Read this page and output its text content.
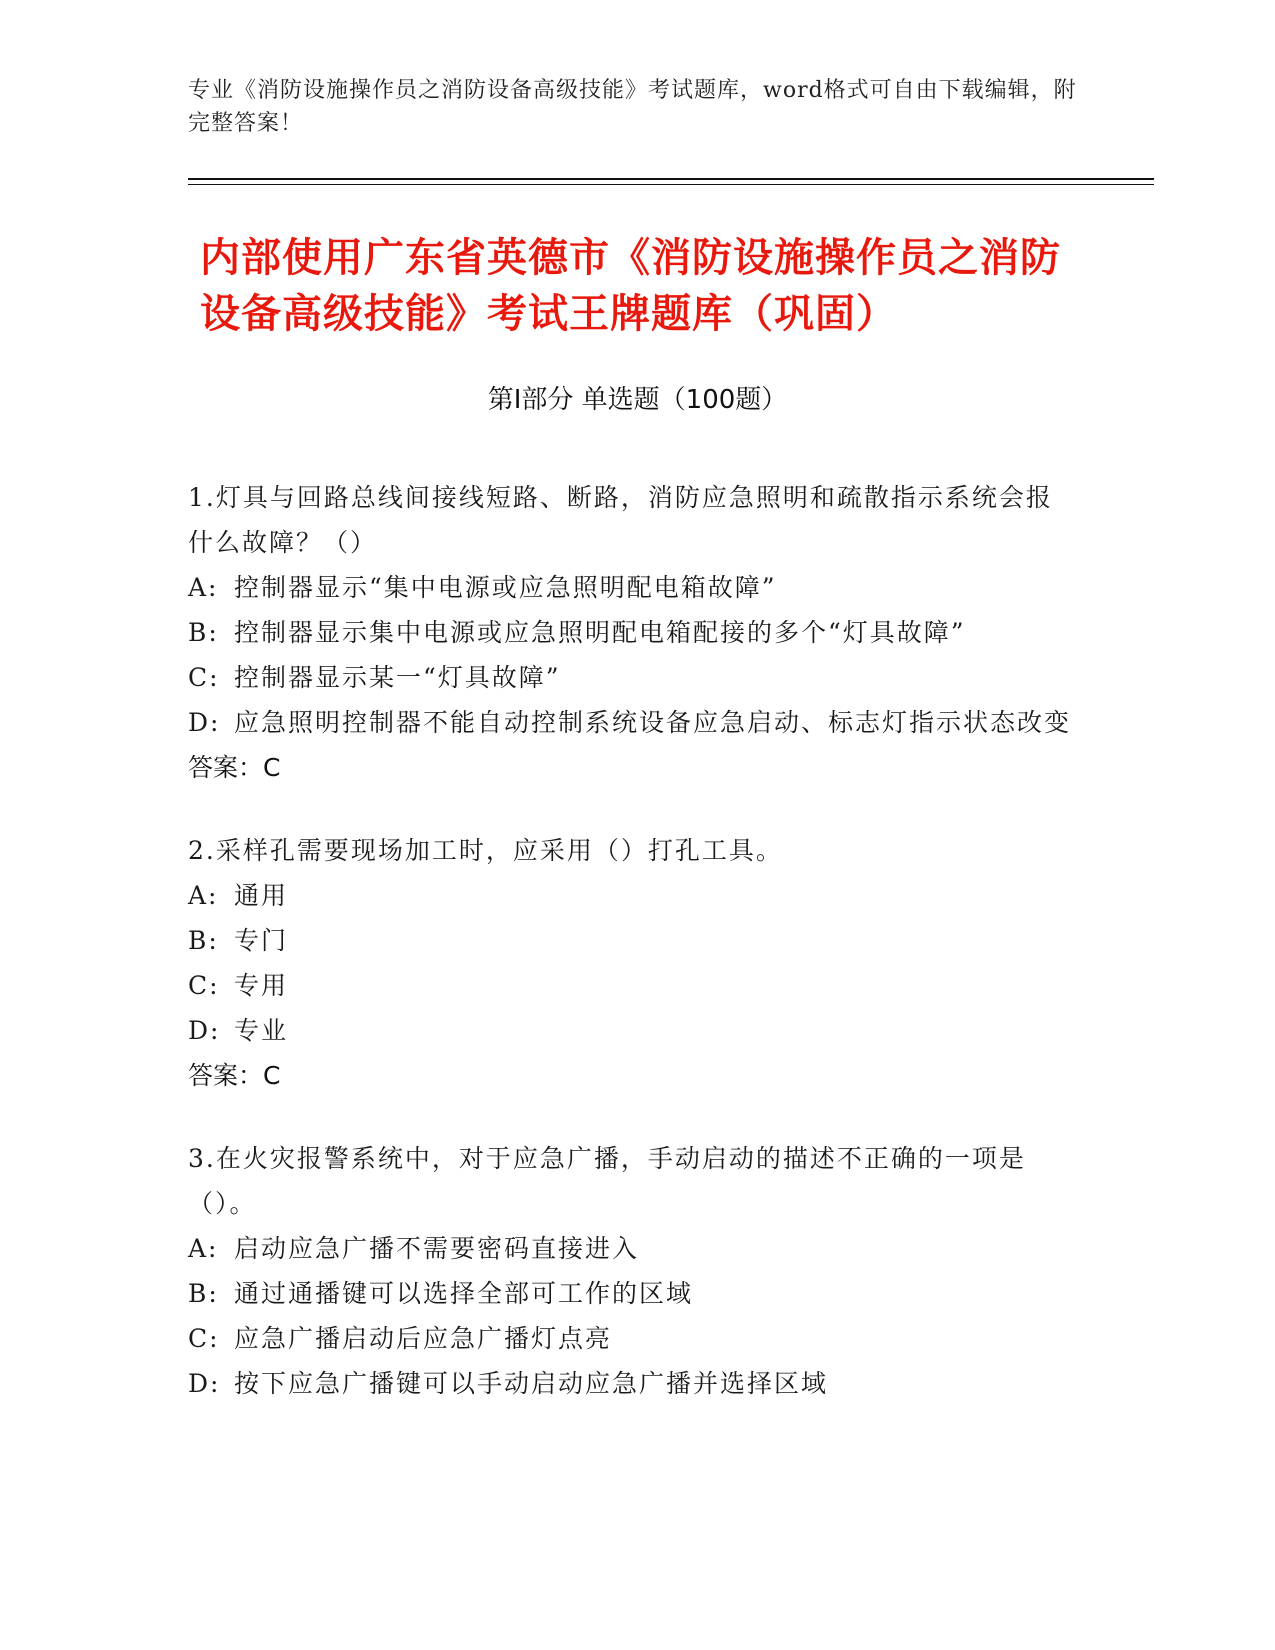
专业《消防设施操作员之消防设备高级技能》考试题库，word格式可自由下载编辑，附完整答案！
内部使用广东省英德市《消防设施操作员之消防设备高级技能》考试王牌题库（巩固）
第Ⅰ部分 单选题（100题）
1.灯具与回路总线间接线短路、断路，消防应急照明和疏散指示系统会报什么故障？（）
A: 控制器显示“集中电源或应急照明配电箱故障”
B: 控制器显示集中电源或应急照明配电箱配接的多个“灯具故障”
C: 控制器显示某一“灯具故障”
D: 应急照明控制器不能自动控制系统设备应急启动、标志灯指示状态改变
答案：C
2.采样孔需要现场加工时，应采用（）打孔工具。
A: 通用
B: 专门
C: 专用
D: 专业
答案：C
3.在火灾报警系统中，对于应急广播，手动启动的描述不正确的一项是（）。
A: 启动应急广播不需要密码直接进入
B: 通过通播键可以选择全部可工作的区域
C: 应急广播启动后应急广播灯点亮
D: 按下应急广播键可以手动启动应急广播并选择区域
